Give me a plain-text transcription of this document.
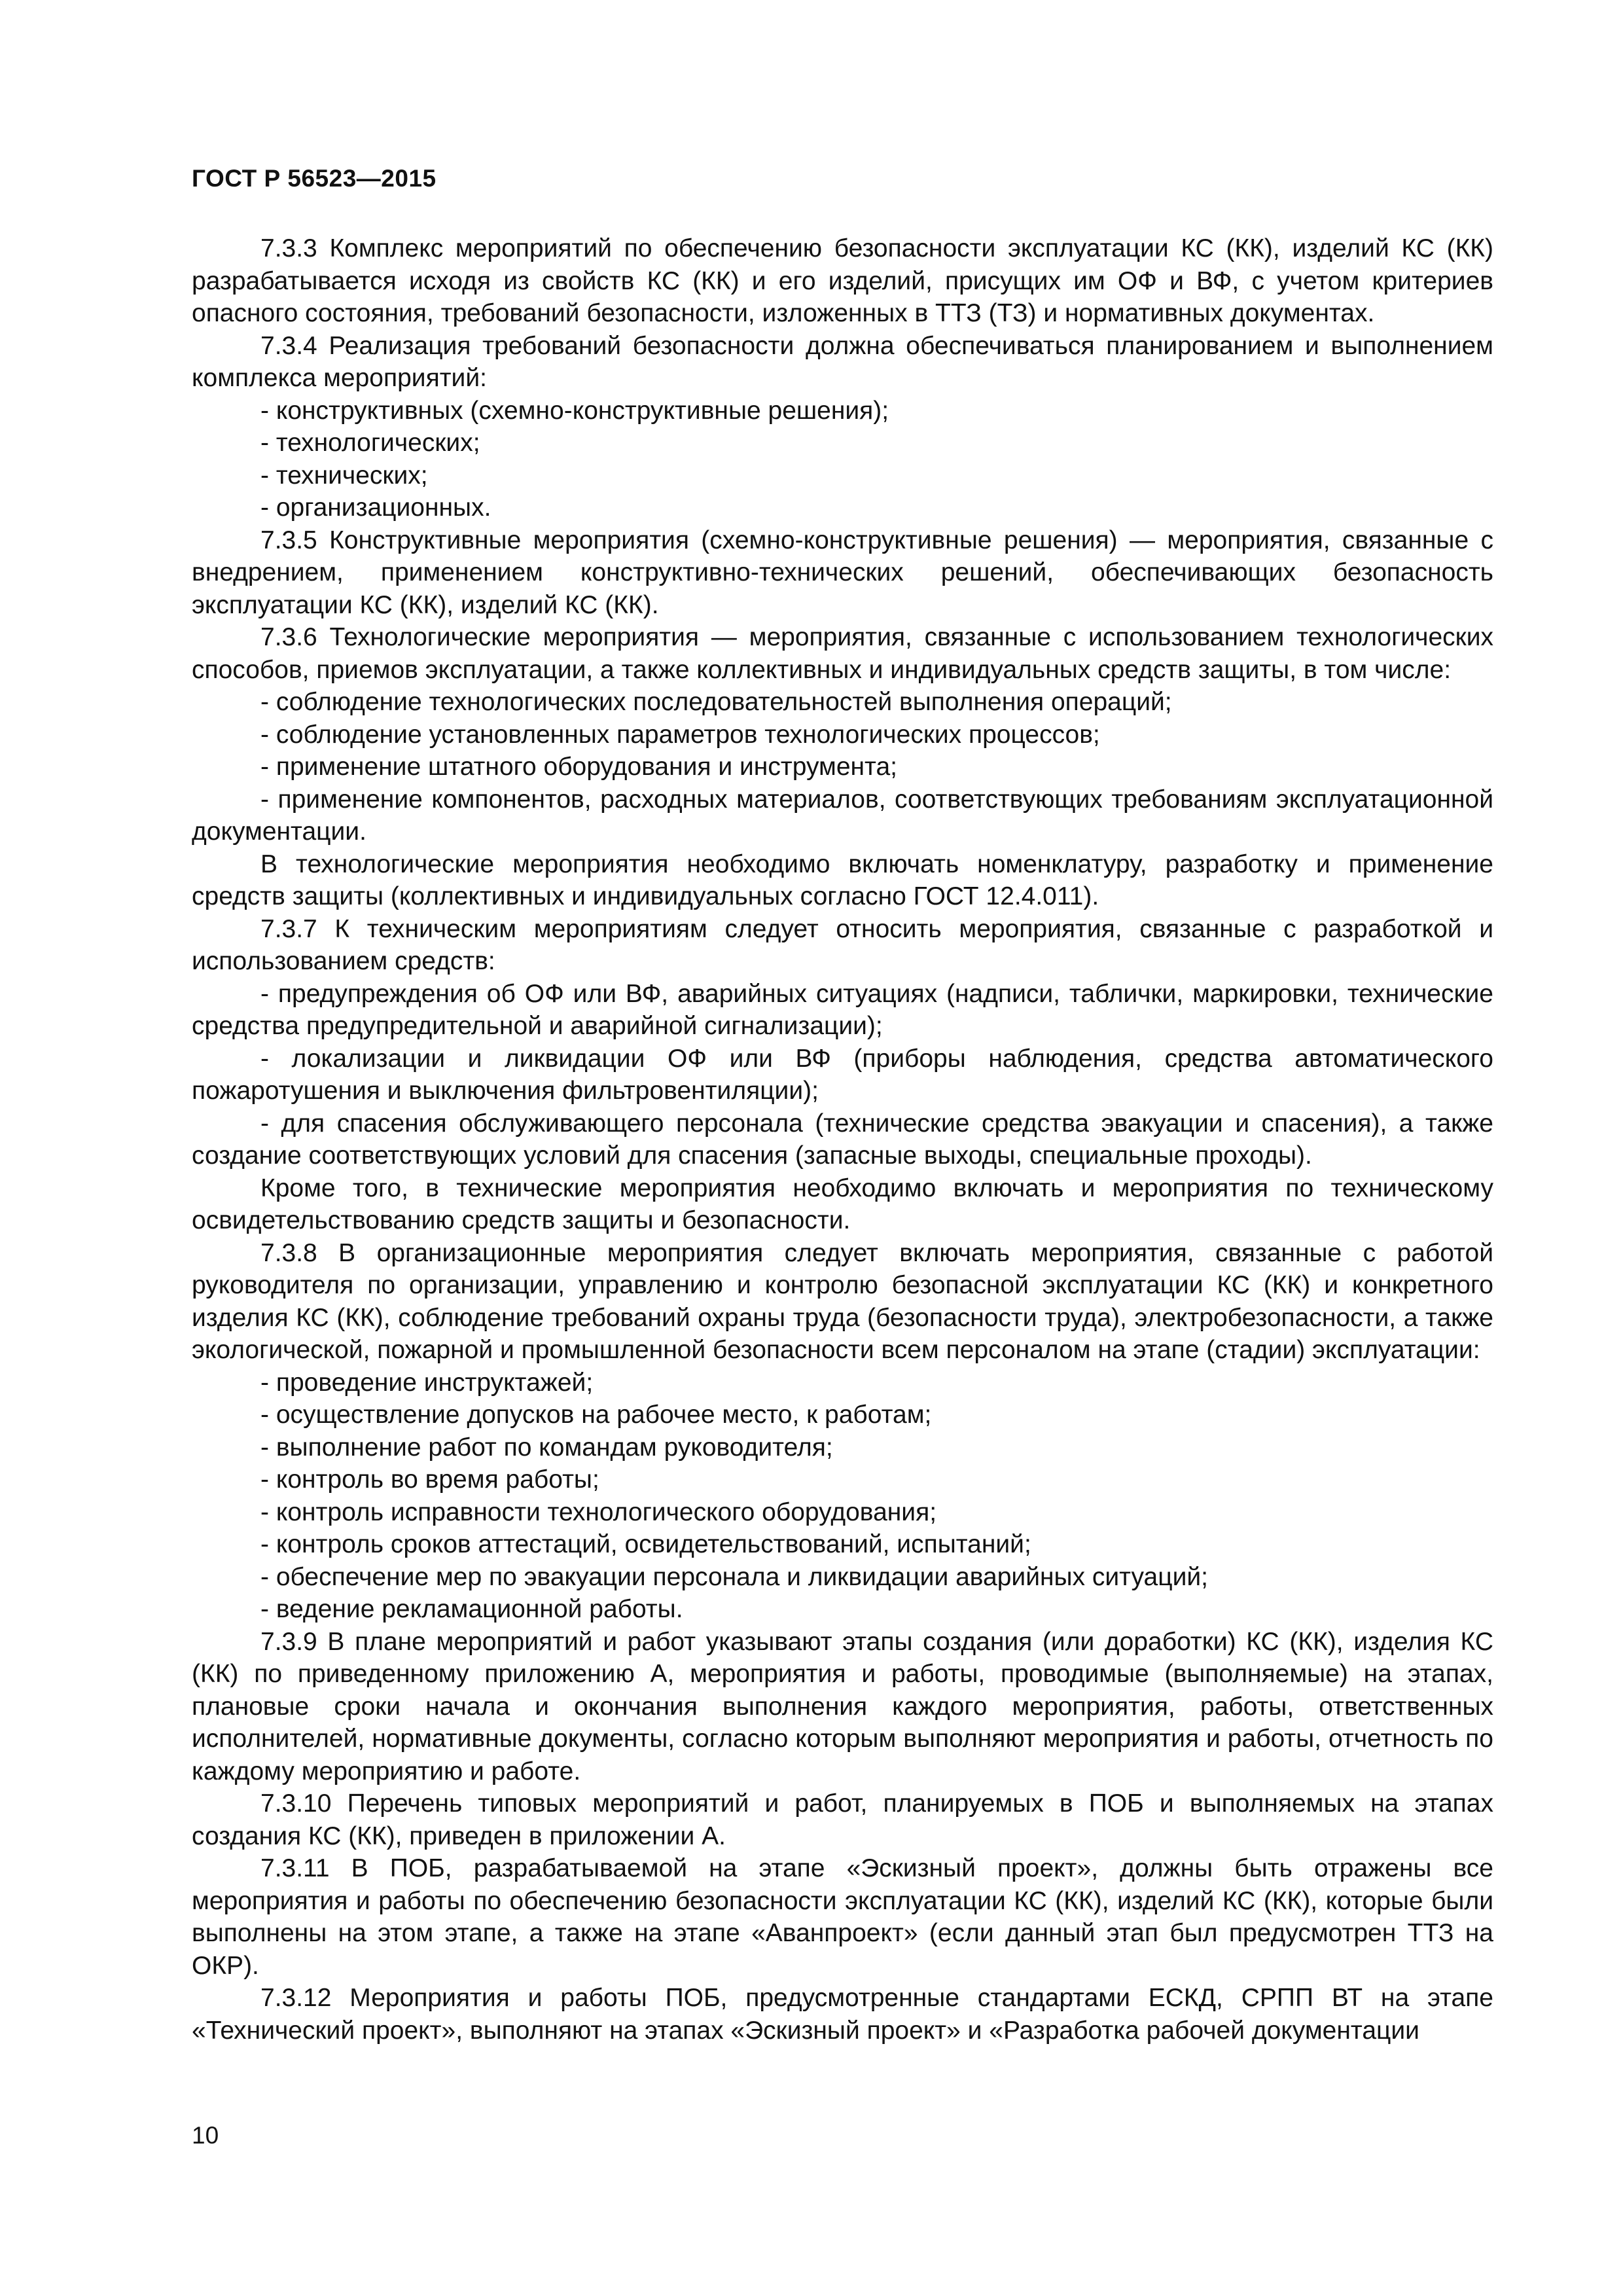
ГОСТ Р 56523—2015

7.3.3 Комплекс мероприятий по обеспечению безопасности эксплуатации КС (КК), изделий КС (КК) разрабатывается исходя из свойств КС (КК) и его изделий, присущих им ОФ и ВФ, с учетом критериев опасного состояния, требований безопасности, изложенных в ТТЗ (ТЗ) и нормативных документах.

7.3.4 Реализация требований безопасности должна обеспечиваться планированием и выполнением комплекса мероприятий:

- конструктивных (схемно-конструктивные решения);

- технологических;

- технических;

- организационных.

7.3.5 Конструктивные мероприятия (схемно-конструктивные решения) — мероприятия, связанные с внедрением, применением конструктивно-технических решений, обеспечивающих безопасность эксплуатации КС (КК), изделий КС (КК).

7.3.6 Технологические мероприятия — мероприятия, связанные с использованием технологических способов, приемов эксплуатации, а также коллективных и индивидуальных средств защиты, в том числе:

- соблюдение технологических последовательностей выполнения операций;

- соблюдение установленных параметров технологических процессов;

- применение штатного оборудования и инструмента;

- применение компонентов, расходных материалов, соответствующих требованиям эксплуатационной документации.

В технологические мероприятия необходимо включать номенклатуру, разработку и применение средств защиты (коллективных и индивидуальных согласно ГОСТ 12.4.011).

7.3.7 К техническим мероприятиям следует относить мероприятия, связанные с разработкой и использованием средств:

- предупреждения об ОФ или ВФ, аварийных ситуациях (надписи, таблички, маркировки, технические средства предупредительной и аварийной сигнализации);

- локализации и ликвидации ОФ или ВФ (приборы наблюдения, средства автоматического пожаротушения и выключения фильтровентиляции);

- для спасения обслуживающего персонала (технические средства эвакуации и спасения), а также создание соответствующих условий для спасения (запасные выходы, специальные проходы).

Кроме того, в технические мероприятия необходимо включать и мероприятия по техническому освидетельствованию средств защиты и безопасности.

7.3.8 В организационные мероприятия следует включать мероприятия, связанные с работой руководителя по организации, управлению и контролю безопасной эксплуатации КС (КК) и конкретного изделия КС (КК), соблюдение требований охраны труда (безопасности труда), электробезопасности, а также экологической, пожарной и промышленной безопасности всем персоналом на этапе (стадии) эксплуатации:

- проведение инструктажей;

- осуществление допусков на рабочее место, к работам;

- выполнение работ по командам руководителя;

- контроль во время работы;

- контроль исправности технологического оборудования;

- контроль сроков аттестаций, освидетельствований, испытаний;

- обеспечение мер по эвакуации персонала и ликвидации аварийных ситуаций;

- ведение рекламационной работы.

7.3.9 В плане мероприятий и работ указывают этапы создания (или доработки) КС (КК), изделия КС (КК) по приведенному приложению А, мероприятия и работы, проводимые (выполняемые) на этапах, плановые сроки начала и окончания выполнения каждого мероприятия, работы, ответственных исполнителей, нормативные документы, согласно которым выполняют мероприятия и работы, отчетность по каждому мероприятию и работе.

7.3.10 Перечень типовых мероприятий и работ, планируемых в ПОБ и выполняемых на этапах создания КС (КК), приведен в приложении А.

7.3.11 В ПОБ, разрабатываемой на этапе «Эскизный проект», должны быть отражены все мероприятия и работы по обеспечению безопасности эксплуатации КС (КК), изделий КС (КК), которые были выполнены на этом этапе, а также на этапе «Аванпроект» (если данный этап был предусмотрен ТТЗ на ОКР).

7.3.12 Мероприятия и работы ПОБ, предусмотренные стандартами ЕСКД, СРПП ВТ на этапе «Технический проект», выполняют на этапах «Эскизный проект» и «Разработка рабочей документации

10
